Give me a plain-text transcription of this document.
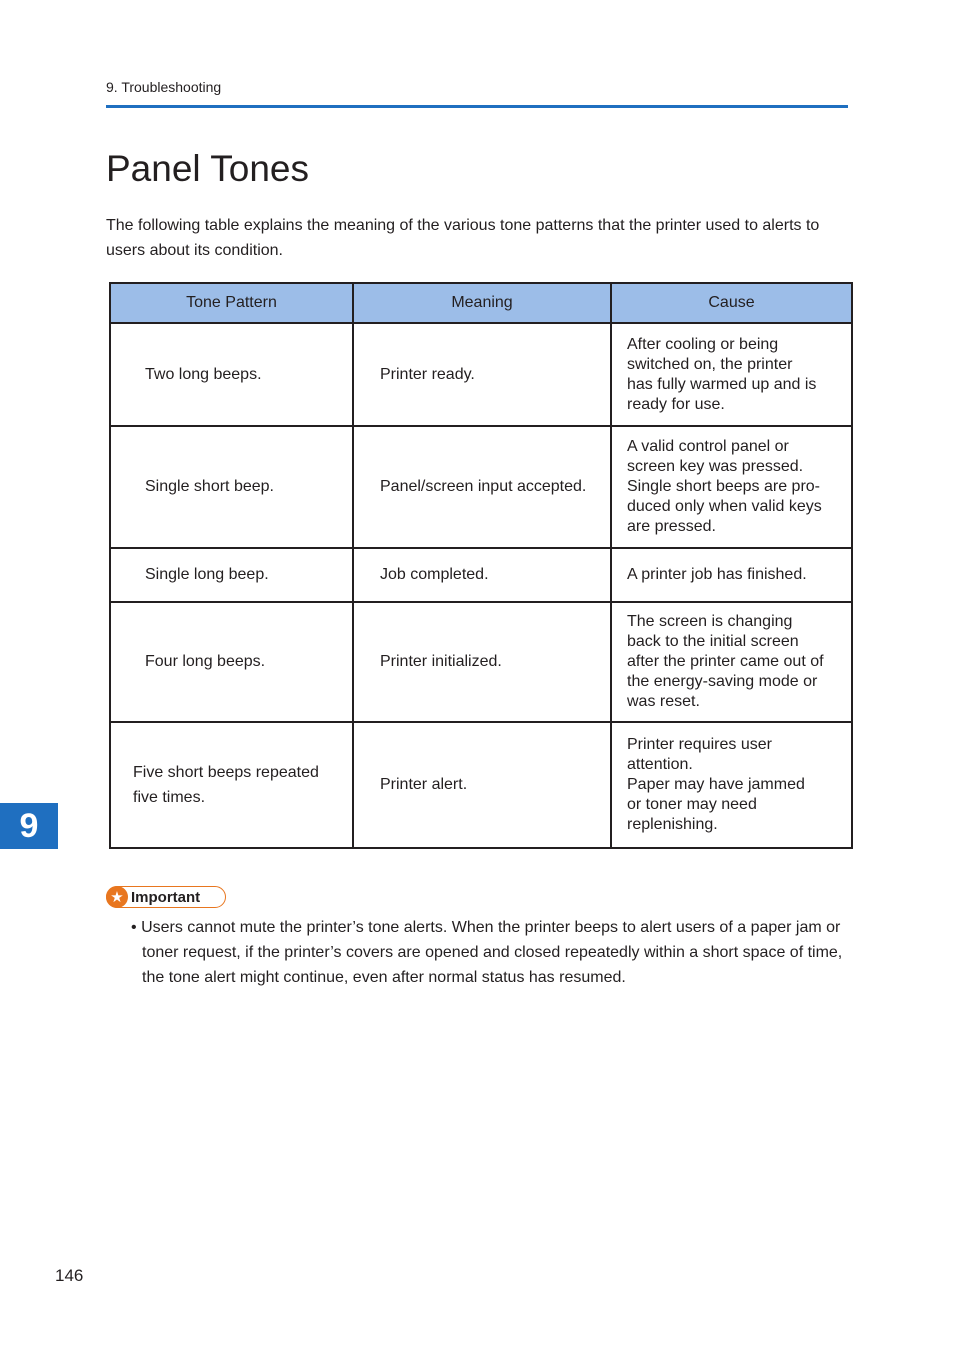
9. Troubleshooting
Panel Tones

The following table explains the meaning of the various tone patterns that the printer used to alerts to users about its condition.

Tone Pattern	Meaning	Cause
Two long beeps.	Printer ready.	After cooling or being
switched on, the printer
has fully warmed up and is
ready for use.
Single short beep.	Panel/screen input accepted.	A valid control panel or
screen key was pressed.
Single short beeps are pro-
duced only when valid keys
are pressed.
Single long beep.	Job completed.	A printer job has finished.
Four long beeps.	Printer initialized.	The screen is changing
back to the initial screen
after the printer came out of
the energy-saving mode or
was reset.
Five short beeps repeated
five times.	Printer alert.	Printer requires user
attention.
Paper may have jammed
or toner may need
replenishing.
9
★ Important

• Users cannot mute the printer’s tone alerts. When the printer beeps to alert users of a paper jam or toner request, if the printer’s covers are opened and closed repeatedly within a short space of time, the tone alert might continue, even after normal status has resumed.

146
